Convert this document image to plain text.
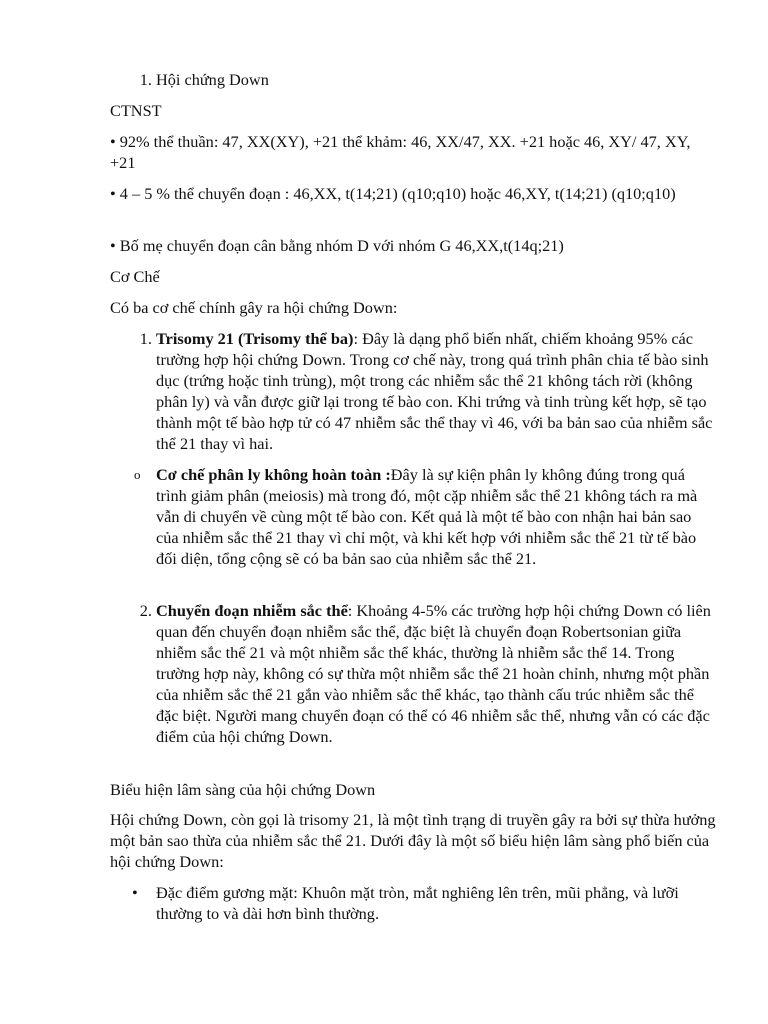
1. Hội chứng Down

CTNST

• 92% thể thuần: 47, XX(XY), +21 thể khảm: 46, XX/47, XX. +21 hoặc 46, XY/ 47, XY, +21

• 4 – 5 % thể chuyển đoạn : 46,XX, t(14;21) (q10;q10) hoặc 46,XY, t(14;21) (q10;q10)

• Bố mẹ chuyển đoạn cân bằng nhóm D với nhóm G 46,XX,t(14q;21)

Cơ Chế

Có ba cơ chế chính gây ra hội chứng Down:

1. Trisomy 21 (Trisomy thể ba): Đây là dạng phổ biến nhất, chiếm khoảng 95% các trường hợp hội chứng Down. Trong cơ chế này, trong quá trình phân chia tế bào sinh dục (trứng hoặc tinh trùng), một trong các nhiễm sắc thể 21 không tách rời (không phân ly) và vẫn được giữ lại trong tế bào con. Khi trứng và tinh trùng kết hợp, sẽ tạo thành một tế bào hợp tử có 47 nhiễm sắc thể thay vì 46, với ba bản sao của nhiễm sắc thể 21 thay vì hai.

o Cơ chế phân ly không hoàn toàn :Đây là sự kiện phân ly không đúng trong quá trình giảm phân (meiosis) mà trong đó, một cặp nhiễm sắc thể 21 không tách ra mà vẫn di chuyển về cùng một tế bào con. Kết quả là một tế bào con nhận hai bản sao của nhiễm sắc thể 21 thay vì chỉ một, và khi kết hợp với nhiễm sắc thể 21 từ tế bào đối diện, tổng cộng sẽ có ba bản sao của nhiễm sắc thể 21.

2. Chuyển đoạn nhiễm sắc thể: Khoảng 4-5% các trường hợp hội chứng Down có liên quan đến chuyển đoạn nhiễm sắc thể, đặc biệt là chuyển đoạn Robertsonian giữa nhiễm sắc thể 21 và một nhiễm sắc thể khác, thường là nhiễm sắc thể 14. Trong trường hợp này, không có sự thừa một nhiễm sắc thể 21 hoàn chỉnh, nhưng một phần của nhiễm sắc thể 21 gắn vào nhiễm sắc thể khác, tạo thành cấu trúc nhiễm sắc thể đặc biệt. Người mang chuyển đoạn có thể có 46 nhiễm sắc thể, nhưng vẫn có các đặc điểm của hội chứng Down.

Biểu hiện lâm sàng của hội chứng Down

Hội chứng Down, còn gọi là trisomy 21, là một tình trạng di truyền gây ra bởi sự thừa hưởng một bản sao thừa của nhiễm sắc thể 21. Dưới đây là một số biểu hiện lâm sàng phổ biến của hội chứng Down:

•	Đặc điểm gương mặt: Khuôn mặt tròn, mắt nghiêng lên trên, mũi phẳng, và lưỡi thường to và dài hơn bình thường.
